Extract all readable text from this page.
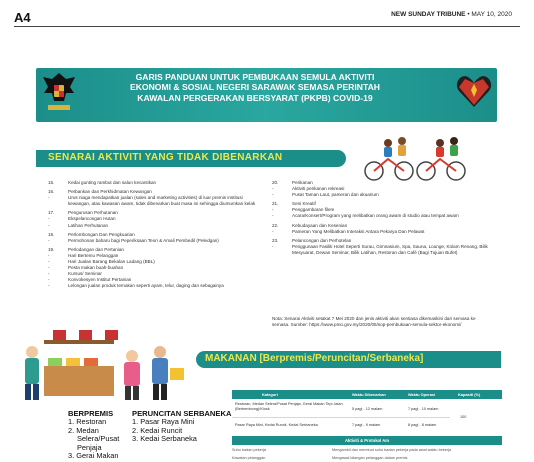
A4	NEW SUNDAY TRIBUNE • MAY 10, 2020
GARIS PANDUAN UNTUK PEMBUKAAN SEMULA AKTIVITI
EKONOMI & SOSIAL NEGERI SARAWAK SEMASA PERINTAH
KAWALAN PERGERAKAN BERSYARAT (PKPB) COVID-19
SENARAI AKTIVITI YANG TIDAK DIBENARKAN
15.	Kedai gunting rambut dan salun kecantikan
16.	Perbankan dan Perkhidmatan Kewangan
-	Urus niaga mendapatkan jualan (sales and marketing activities) di luar premis institusi kewangan, atau kawasan awam, tidak dibenarkan buat masa ini sehingga diumumkan kelak
17.	Pengurusan Perhutanan
-	Ekspelancongan Hutan
-	Latihan Perhutanan
18.	Perlombongan Dan Pengkuarian
-	Permohonan baharu bagi Peperiksaan Teori & Amali Pembedil (Peledgan)
19.	Perlodangan dan Pertanian
-	Hari Bertemu Pelanggan
-	Hari Jualan Barang Bekalan Ladang (BBL)
-	Pesta makan buah-buahan
-	Kursus/ Seminar
-	Konvokesyen Institut Pertanian
-	Lelongan jualan produk ternakan seperti ayam, telur, daging dan sebagainya
20.	Perikanan
-	Aktiviti perikanan rekreasi
-	Pusat Taman Laut, pameran dan akuarium
21.	Seni Kreatif
-	Penggambaran filem
-	Acara/Konsert/Program yang melibatkan orang awam di studio atau tempat awam
22.	Kebudayaan dan Kesenian
-	Pameran Yang Melibatkan Interaksi Antara Pekarya Dan Pelawat
23.	Pelancongan dan Perhotelan
-	Penggunaan Fasiliti Hotel Seperti Surau, Gimnasium, Spa, Sauna, Lounge, Kolam Renang, Bilik Mesyuarat, Dewan Seminar, Bilik Latihan, Restoran dan Café (Bagi Tujuan Bufet)
Nota: Senarai Aktiviti setakat 7 Mei 2020 dan jenis aktiviti akan sentiasa dikemaskini dari semasa ke semasa. Sumber: https://www.pmo.gov.my/2020/05/sop-pembukaan-semula-sektor-ekonomi/
MAKANAN [Berpremis/Peruncitan/Serbaneka]
BERPREMIS
1. Restoran
2. Medan
Selera/Pusat
Penjaja
3. Gerai Makan
PERUNCITAN SERBANEKA
1. Pasar Raya Mini
2. Kedai Runcit
3. Kedai Serbaneka
Kategori	Waktu Dibenarkan	Waktu Operasi	Kapasiti (%)
Restoran, Medan Selera/Pusat Penjaja, Gerai Makan Tepi Jalan (Berbembong)/Kiosk	5 pagi - 12 malam	7 pagi - 10 malam
Pasar Raya Mini, Kedai Runcit, Kedai Serbaneka	7 pagi - 9 malam	8 pagi - 8 malam
100
Aktiviti & Protokol Am
Suhu badan pekerja	Mengambil dan merekod suhu badan pekerja pada awal waktu bekerja
Kawalan pelanggan	Mengawal bilangan pelanggan dalam premis
